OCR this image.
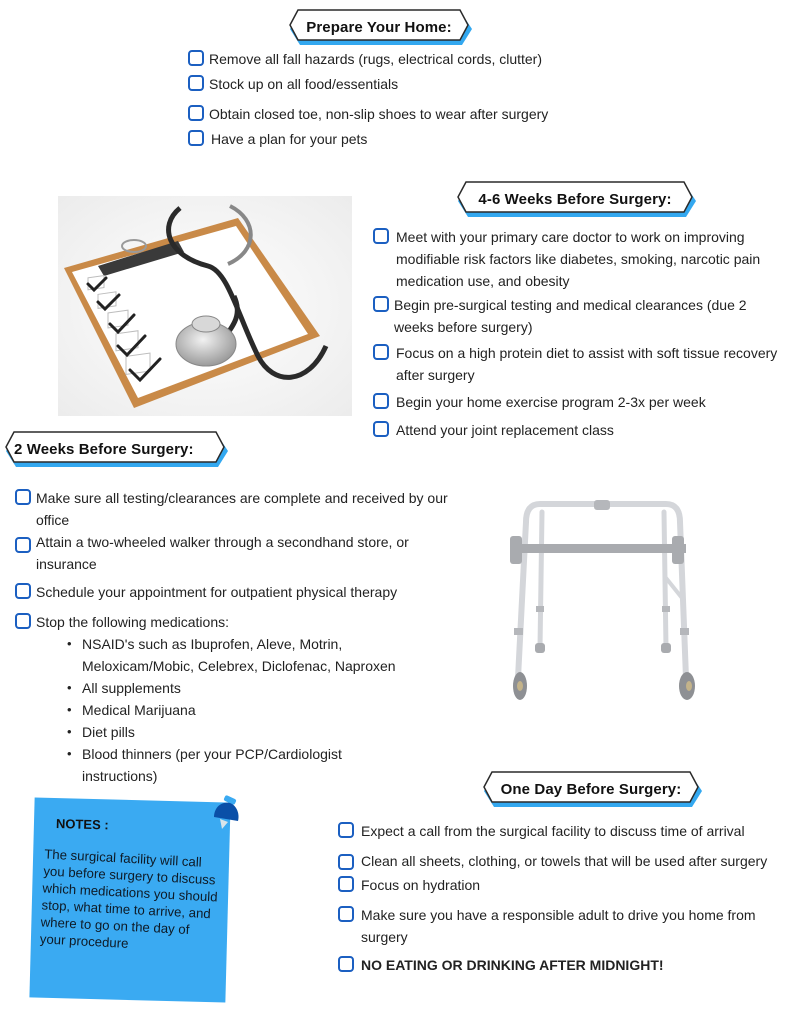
Prepare Your Home:
Remove all fall hazards (rugs, electrical cords, clutter)
Stock up on all food/essentials
Obtain closed toe, non-slip shoes to wear after surgery
Have a plan for your pets
4-6 Weeks Before Surgery:
Meet with your primary care doctor to work on improving modifiable risk factors like diabetes, smoking, narcotic pain medication use, and obesity
Begin pre-surgical testing and medical clearances (due 2 weeks before surgery)
Focus on a high protein diet to assist with soft tissue recovery after surgery
Begin your home exercise program 2-3x per week
Attend your joint replacement class
2 Weeks Before Surgery:
Make sure all testing/clearances are complete and received by our office
Attain a two-wheeled walker through a secondhand store, or insurance
Schedule your appointment for outpatient physical therapy
Stop the following medications:
• NSAID's such as Ibuprofen, Aleve, Motrin, Meloxicam/Mobic, Celebrex, Diclofenac, Naproxen
• All supplements
• Medical Marijuana
• Diet pills
• Blood thinners (per your PCP/Cardiologist instructions)
One Day Before Surgery:
Expect a call from the surgical facility to discuss time of arrival
Clean all sheets, clothing, or towels that will be used after surgery
Focus on hydration
Make sure you have a responsible adult to drive you home from surgery
NO EATING OR DRINKING AFTER MIDNIGHT!
NOTES :
The surgical facility will call you before surgery to discuss which medications you should stop, what time to arrive, and where to go on the day of your procedure
